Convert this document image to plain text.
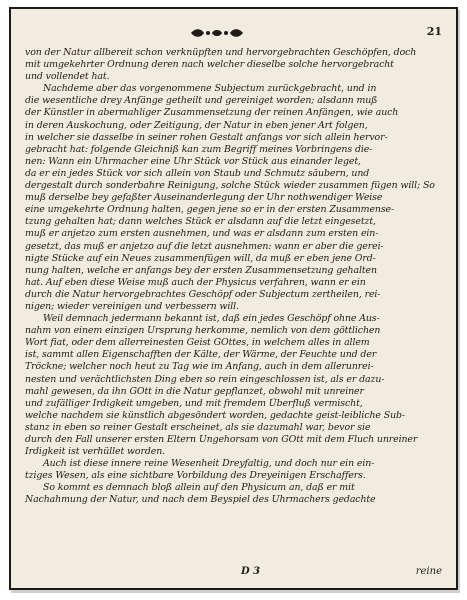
21
von der Natur allbereit schon verknüpften und hervorgebrachten Geschöpfen, doch
mit umgekehrter Ordnung deren nach welcher dieselbe solche hervorgebracht
und vollendet hat.
Nachdeme aber das vorgenommene Subjectum zurückgebracht, und in
die wesentliche drey Anfänge getheilt und gereiniget worden; alsdann muß
der Künstler in abermahliger Zusammensetzung der reinen Anfängen, wie auch
in deren Auskochung, oder Zeitigung, der Natur in eben jener Art folgen,
in welcher sie dasselbe in seiner rohen Gestalt anfangs vor sich allein hervor-
gebracht hat: folgende Gleichniß kan zum Begriff meines Vorbringens die-
nen: Wann ein Uhrmacher eine Uhr Stück vor Stück aus einander leget,
da er ein jedes Stück vor sich allein von Staub und Schmutz säubern, und
dergestalt durch sonderbahre Reinigung, solche Stück wieder zusammen fügen will; So
muß derselbe bey gefaßter Auseinanderlegung der Uhr nothwendiger Weise
eine umgekehrte Ordnung halten, gegen jene so er in der ersten Zusammense-
tzung gehalten hat; dann welches Stück er alsdann auf die letzt eingesetzt,
muß er anjetzo zum ersten ausnehmen, und was er alsdann zum ersten ein-
gesetzt, das muß er anjetzo auf die letzt ausnehmen: wann er aber die gerei-
nigte Stücke auf ein Neues zusammenfügen will, da muß er eben jene Ord-
nung halten, welche er anfangs bey der ersten Zusammensetzung gehalten
hat. Auf eben diese Weise muß auch der Physicus verfahren, wann er ein
durch die Natur hervorgebrachtes Geschöpf oder Subjectum zertheilen, rei-
nigen; wieder vereinigen und verbessern will.
Weil demnach jedermann bekannt ist, daß ein jedes Geschöpf ohne Aus-
nahm von einem einzigen Ursprung herkomme, nemlich von dem göttlichen
Wort fiat, oder dem allerreinesten Geist GOttes, in welchem alles in allem
ist, sammt allen Eigenschafften der Kälte, der Wärme, der Feuchte und der
Tröckne; welcher noch heut zu Tag wie im Anfang, auch in dem allerunrei-
nesten und verächtlichsten Ding eben so rein eingeschlossen ist, als er dazu-
mahl gewesen, da ihn GOtt in die Natur gepflanzet, obwohl mit unreiner
und zufälliger Irdigkeit umgeben, und mit fremdem Überfluß vermischt,
welche nachdem sie künstlich abgesöndert worden, gedachte geist-leibliche Sub-
stanz in eben so reiner Gestalt erscheinet, als sie dazumahl war, bevor sie
durch den Fall unserer ersten Eltern Ungehorsam von GOtt mit dem Fluch unreiner
Irdigkeit ist verhüllet worden.
Auch ist diese innere reine Wesenheit Dreyfaltig, und doch nur ein ein-
tziges Wesen, als eine sichtbare Vorbildung des Dreyeinigen Erschaffers.
So kommt es demnach bloß allein auf den Physicum an, daß er mit
Nachahmung der Natur, und nach dem Beyspiel des Uhrmachers gedachte
D 3	reine
